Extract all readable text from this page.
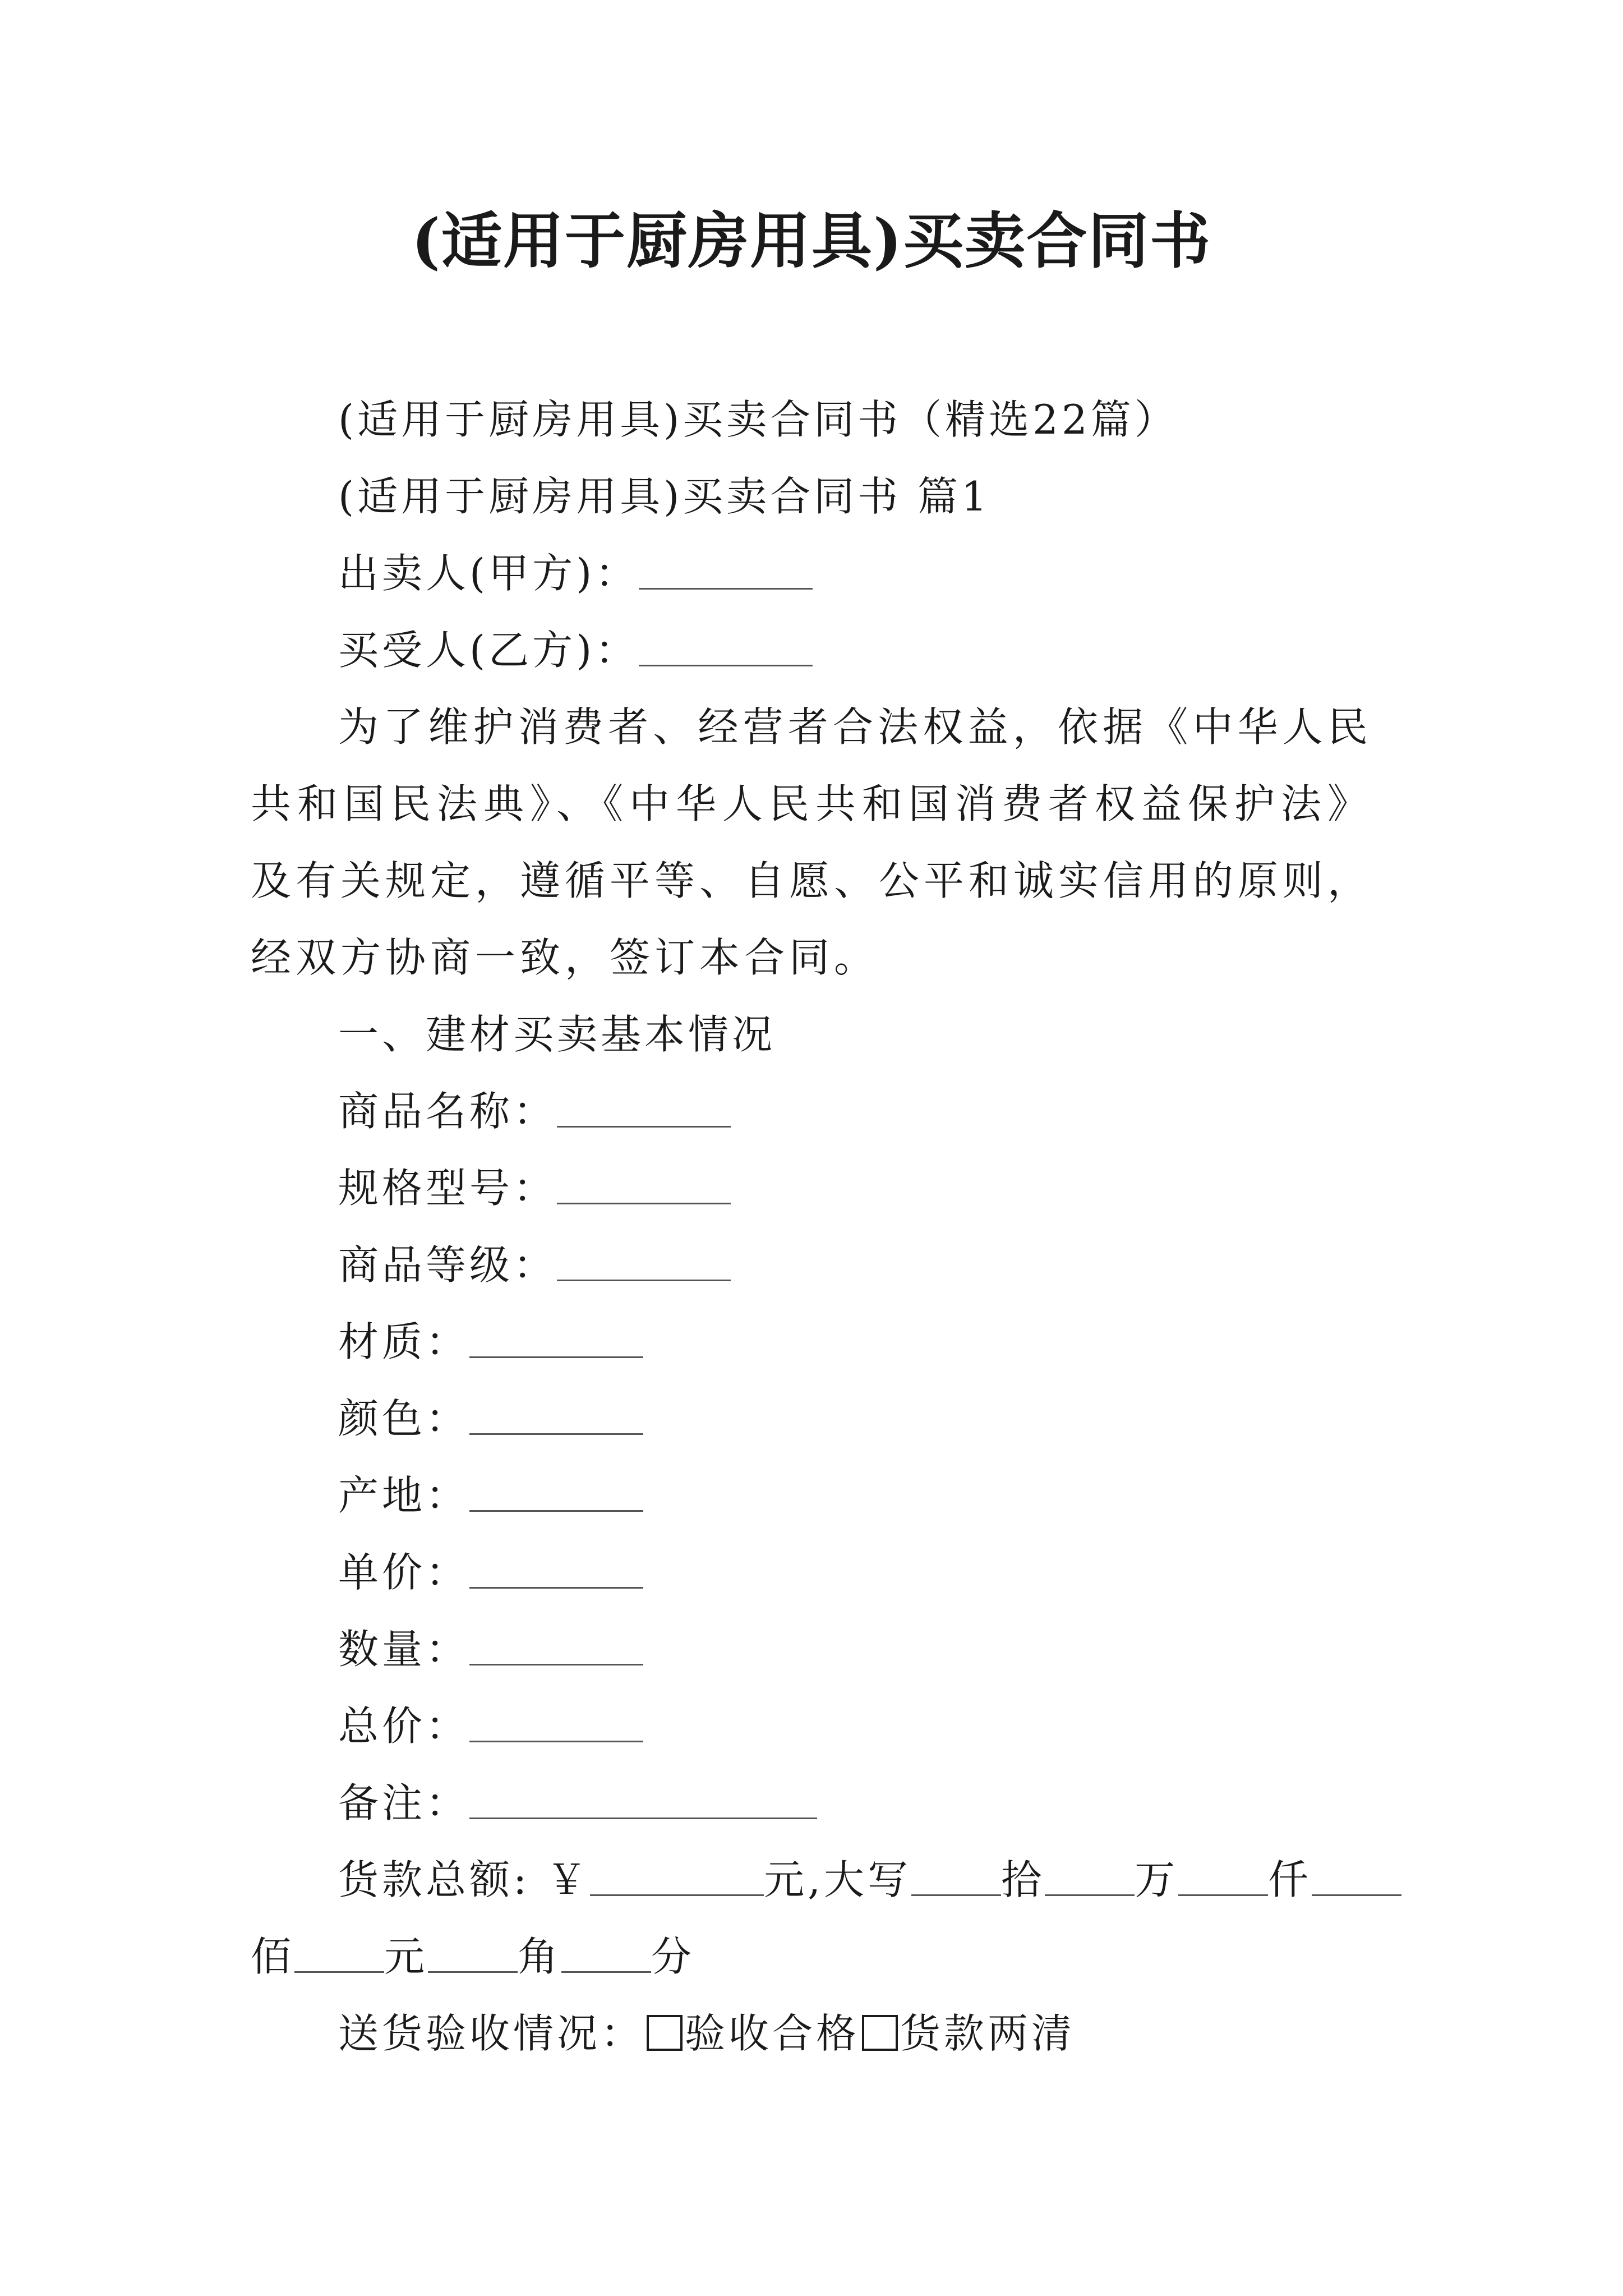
(适用于厨房用具)买卖合同书
(适用于厨房用具)买卖合同书（精选22篇）
(适用于厨房用具)买卖合同书 篇1
出卖人(甲方)：
买受人(乙方)：
为了维护消费者、经营者合法权益，依据《中华人民共和国民法典》、《中华人民共和国消费者权益保护法》及有关规定，遵循平等、自愿、公平和诚实信用的原则，经双方协商一致，签订本合同。
一、建材买卖基本情况
商品名称：
规格型号：
商品等级：
材质：
颜色：
产地：
单价：
数量：
总价：
备注：
货款总额: ￥	元,大写 拾 万 仟
佰 元 角 分
送货验收情况： 验收合格 货款两清
